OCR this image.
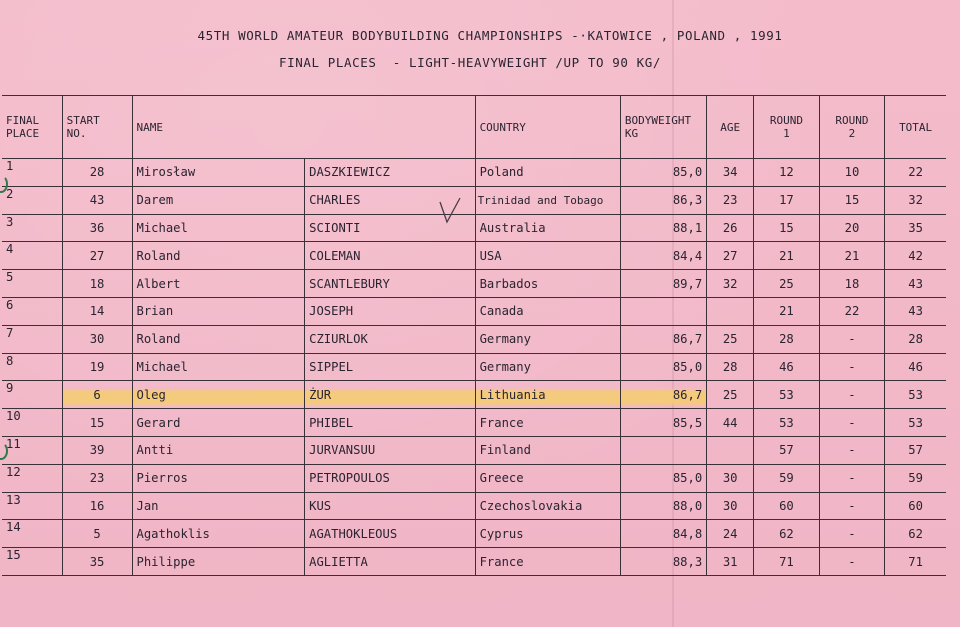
45TH WORLD AMATEUR BODYBUILDING CHAMPIONSHIPS -·KATOWICE , POLAND , 1991
FINAL PLACES  - LIGHT-HEAVYWEIGHT /UP TO 90 KG/
FINAL PLACE	START NO.	NAME		COUNTRY	BODYWEIGHT KG	AGE	ROUND 1	ROUND 2	TOTAL
1	28	Mirosław	DASZKIEWICZ	Poland	85,0	34	12	10	22
2	43	Darem	CHARLES	Trinidad and Tobago	86,3	23	17	15	32
3	36	Michael	SCIONTI	Australia	88,1	26	15	20	35
4	27	Roland	COLEMAN	USA	84,4	27	21	21	42
5	18	Albert	SCANTLEBURY	Barbados	89,7	32	25	18	43
6	14	Brian	JOSEPH	Canada			21	22	43
7	30	Roland	CZIURLOK	Germany	86,7	25	28	-	28
8	19	Michael	SIPPEL	Germany	85,0	28	46	-	46
9	6	Oleg	ŻUR	Lithuania	86,7	25	53	-	53
10	15	Gerard	PHIBEL	France	85,5	44	53	-	53
11	39	Antti	JURVANSUU	Finland			57	-	57
12	23	Pierros	PETROPOULOS	Greece	85,0	30	59	-	59
13	16	Jan	KUS	Czechoslovakia	88,0	30	60	-	60
14	5	Agathoklis	AGATHOKLEOUS	Cyprus	84,8	24	62	-	62
15	35	Philippe	AGLIETTA	France	88,3	31	71	-	71
